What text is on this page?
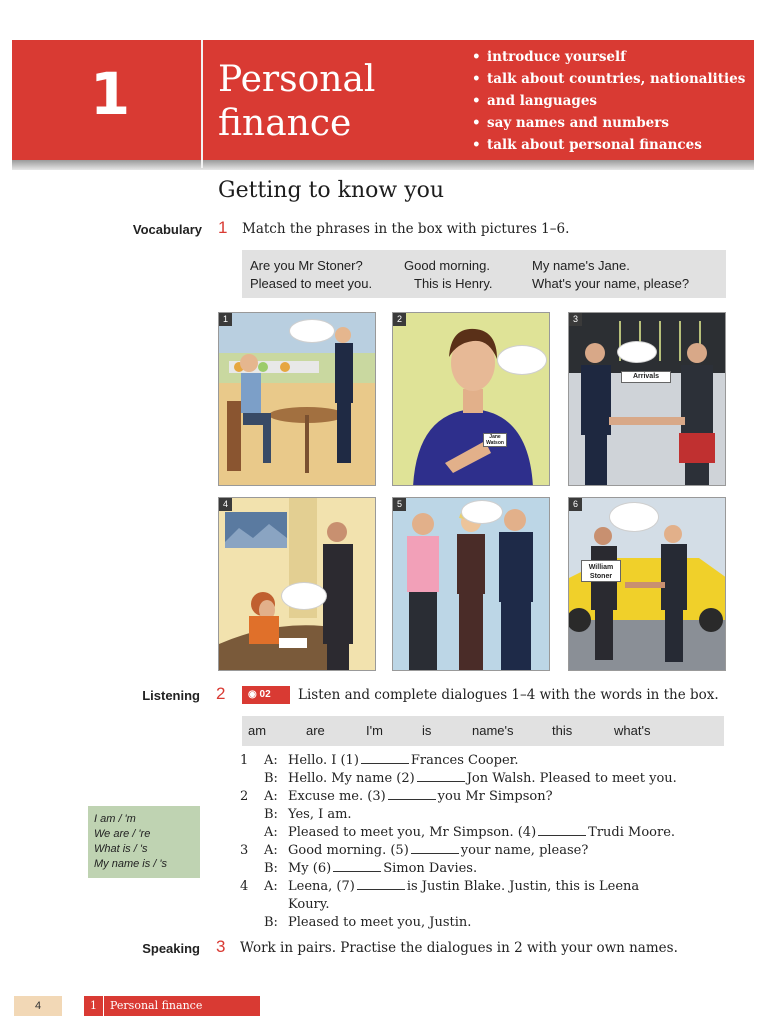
1	Personal
finance
• introduce yourself
• talk about countries, nationalities
• and languages
• say names and numbers
• talk about personal finances
Getting to know you
Vocabulary 1 Match the phrases in the box with pictures 1–6.
Are you Mr Stoner?	Good morning.	My name's Jane.
Pleased to meet you.	This is Henry.	What's your name, please?
1
Jane Watson
2
Arrivals
3
4	5
William Stoner
6
Listening 2	◉ 02	Listen and complete dialogues 1–4 with the words in the box.
am	are	I'm	is	name's	this	what's
1 A: Hello. I (1)	Frances Cooper.
B: Hello. My name (2)	Jon Walsh. Pleased to meet you.
2 A: Excuse me. (3)	you Mr Simpson?
B: Yes, I am.
A: Pleased to meet you, Mr Simpson. (4)	Trudi Moore.
3 A: Good morning. (5)	your name, please?
B: My (6)	Simon Davies.
4 A: Leena, (7)	is Justin Blake. Justin, this is Leena
Koury.
B: Pleased to meet you, Justin.
I am / 'm
We are / 're
What is / 's
My name is / 's
Speaking 3 Work in pairs. Practise the dialogues in 2 with your own names.
4	1 Personal finance
